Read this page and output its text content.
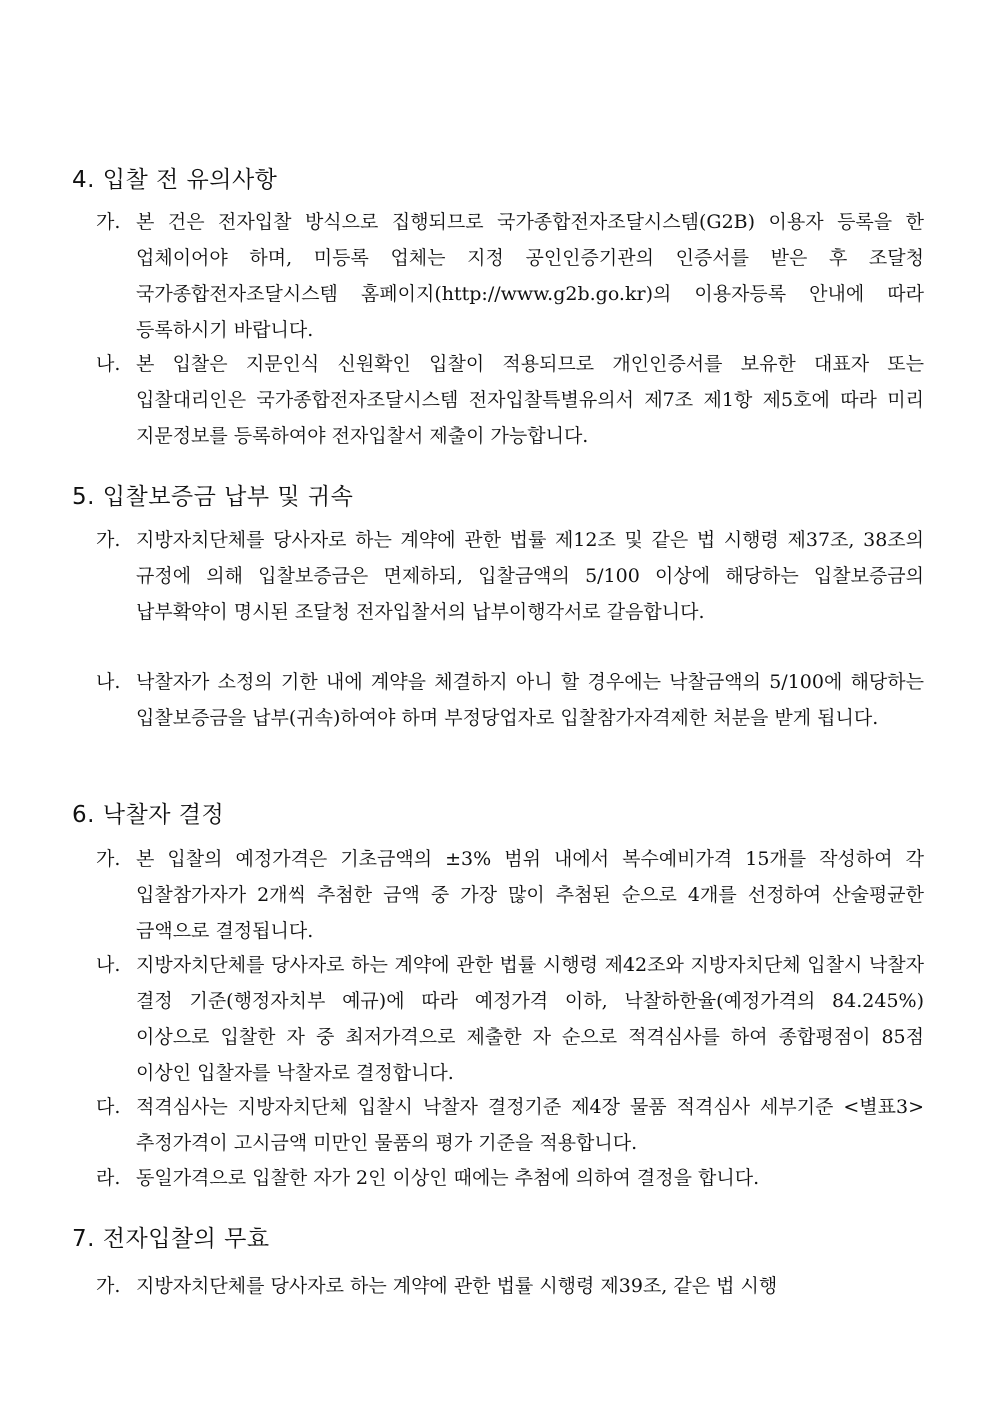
4. 입찰 전 유의사항
가. 본 건은 전자입찰 방식으로 집행되므로 국가종합전자조달시스템(G2B) 이용자 등록을 한 업체이어야 하며, 미등록 업체는 지정 공인인증기관의 인증서를 받은 후 조달청 국가종합전자조달시스템 홈페이지(http://www.g2b.go.kr)의 이용자등록 안내에 따라 등록하시기 바랍니다.
나. 본 입찰은 지문인식 신원확인 입찰이 적용되므로 개인인증서를 보유한 대표자 또는 입찰대리인은 국가종합전자조달시스템 전자입찰특별유의서 제7조 제1항 제5호에 따라 미리 지문정보를 등록하여야 전자입찰서 제출이 가능합니다.
5. 입찰보증금 납부 및 귀속
가. 지방자치단체를 당사자로 하는 계약에 관한 법률 제12조 및 같은 법 시행령 제37조, 38조의 규정에 의해 입찰보증금은 면제하되, 입찰금액의 5/100 이상에 해당하는 입찰보증금의 납부확약이 명시된 조달청 전자입찰서의 납부이행각서로 갈음합니다.
나. 낙찰자가 소정의 기한 내에 계약을 체결하지 아니 할 경우에는 낙찰금액의 5/100에 해당하는 입찰보증금을 납부(귀속)하여야 하며 부정당업자로 입찰참가자격제한 처분을 받게 됩니다.
6. 낙찰자 결정
가. 본 입찰의 예정가격은 기초금액의 ±3% 범위 내에서 복수예비가격 15개를 작성하여 각 입찰참가자가 2개씩 추첨한 금액 중 가장 많이 추첨된 순으로 4개를 선정하여 산술평균한 금액으로 결정됩니다.
나. 지방자치단체를 당사자로 하는 계약에 관한 법률 시행령 제42조와 지방자치단체 입찰시 낙찰자 결정 기준(행정자치부 예규)에 따라 예정가격 이하, 낙찰하한율(예정가격의 84.245%) 이상으로 입찰한 자 중 최저가격으로 제출한 자 순으로 적격심사를 하여 종합평점이 85점 이상인 입찰자를 낙찰자로 결정합니다.
다. 적격심사는 지방자치단체 입찰시 낙찰자 결정기준 제4장 물품 적격심사 세부기준 <별표3> 추정가격이 고시금액 미만인 물품의 평가 기준을 적용합니다.
라. 동일가격으로 입찰한 자가 2인 이상인 때에는 추첨에 의하여 결정을 합니다.
7. 전자입찰의 무효
가. 지방자치단체를 당사자로 하는 계약에 관한 법률 시행령 제39조, 같은 법 시행
